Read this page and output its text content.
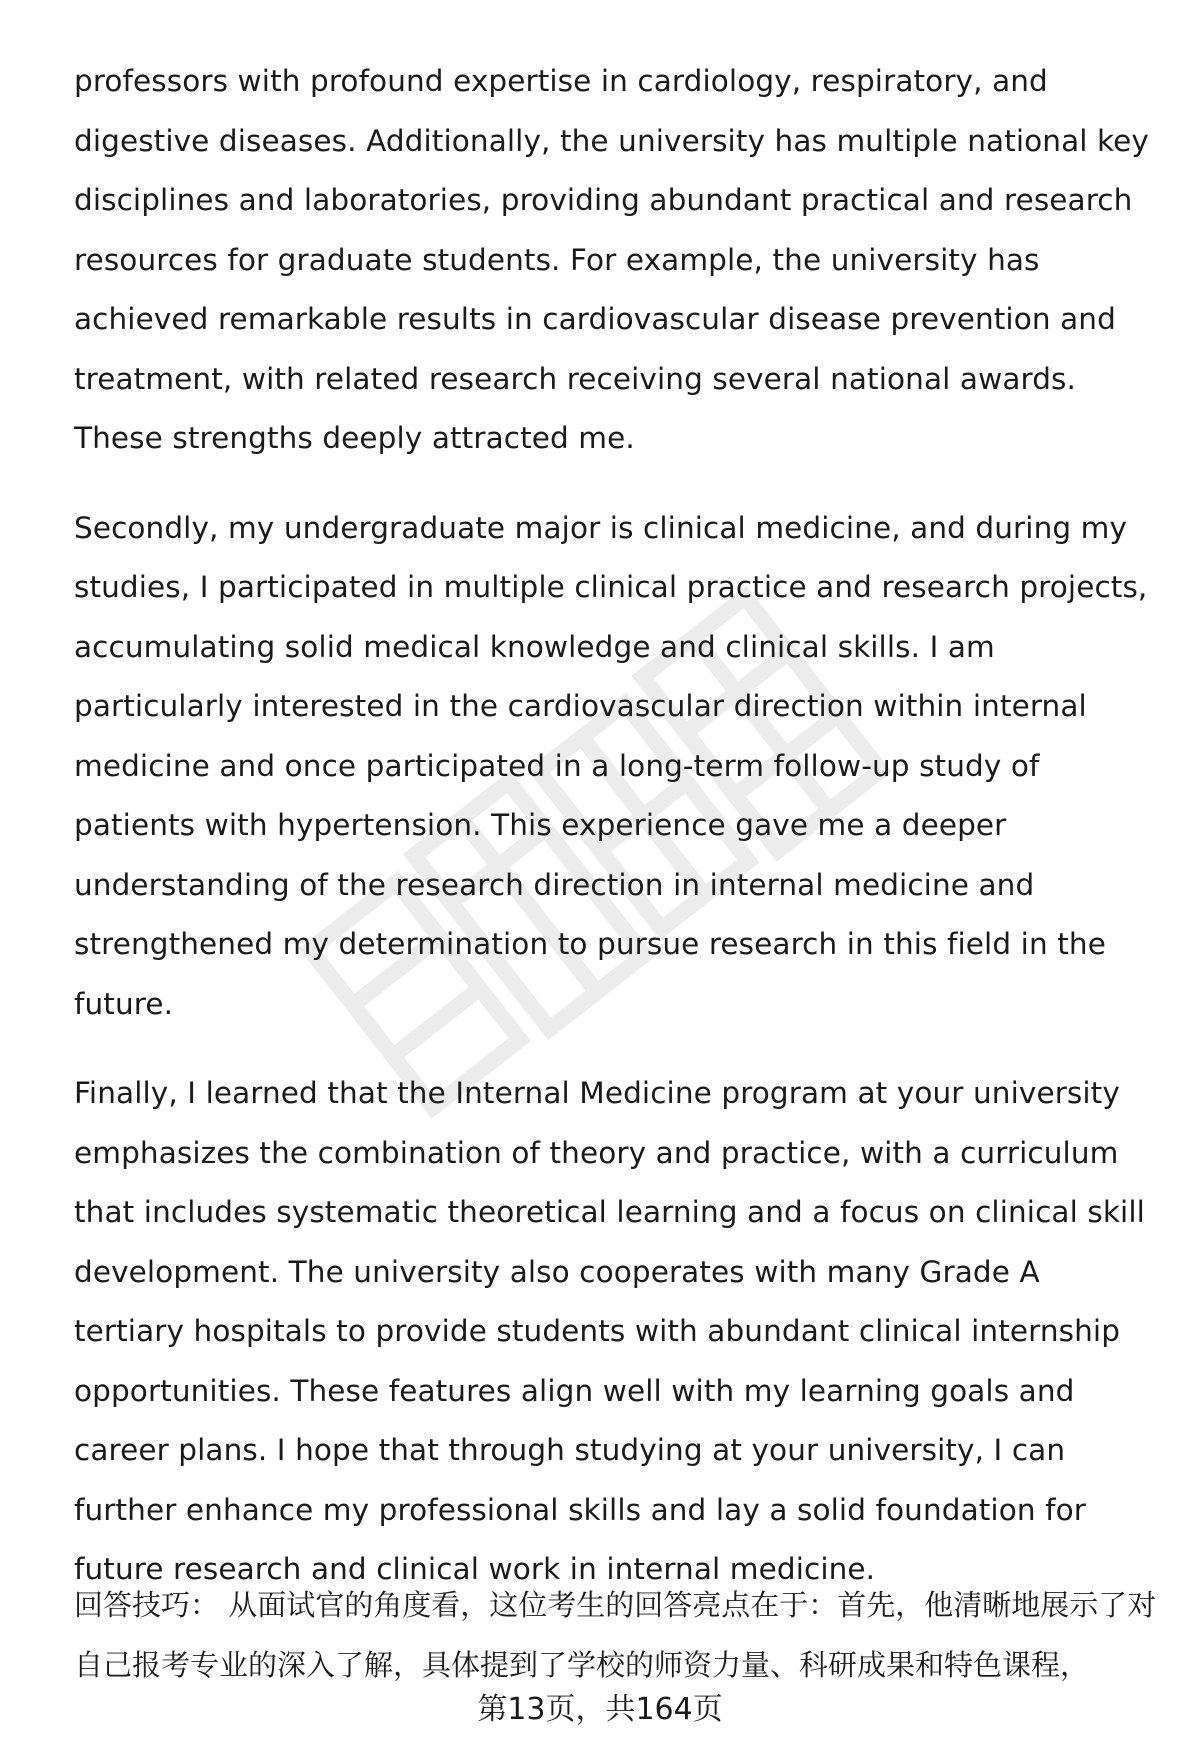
professors with profound expertise in cardiology, respiratory, and digestive diseases. Additionally, the university has multiple national key disciplines and laboratories, providing abundant practical and research resources for graduate students. For example, the university has achieved remarkable results in cardiovascular disease prevention and treatment, with related research receiving several national awards. These strengths deeply attracted me.

Secondly, my undergraduate major is clinical medicine, and during my studies, I participated in multiple clinical practice and research projects, accumulating solid medical knowledge and clinical skills. I am particularly interested in the cardiovascular direction within internal medicine and once participated in a long-term follow-up study of patients with hypertension. This experience gave me a deeper understanding of the research direction in internal medicine and strengthened my determination to pursue research in this field in the future.

Finally, I learned that the Internal Medicine program at your university emphasizes the combination of theory and practice, with a curriculum that includes systematic theoretical learning and a focus on clinical skill development. The university also cooperates with many Grade A tertiary hospitals to provide students with abundant clinical internship opportunities. These features align well with my learning goals and career plans. I hope that through studying at your university, I can further enhance my professional skills and lay a solid foundation for future research and clinical work in internal medicine.

回答技巧： 从面试官的角度看，这位考生的回答亮点在于：首先，他清晰地展示了对自己报考专业的深入了解，具体提到了学校的师资力量、科研成果和特色课程，

第13页，共164页
